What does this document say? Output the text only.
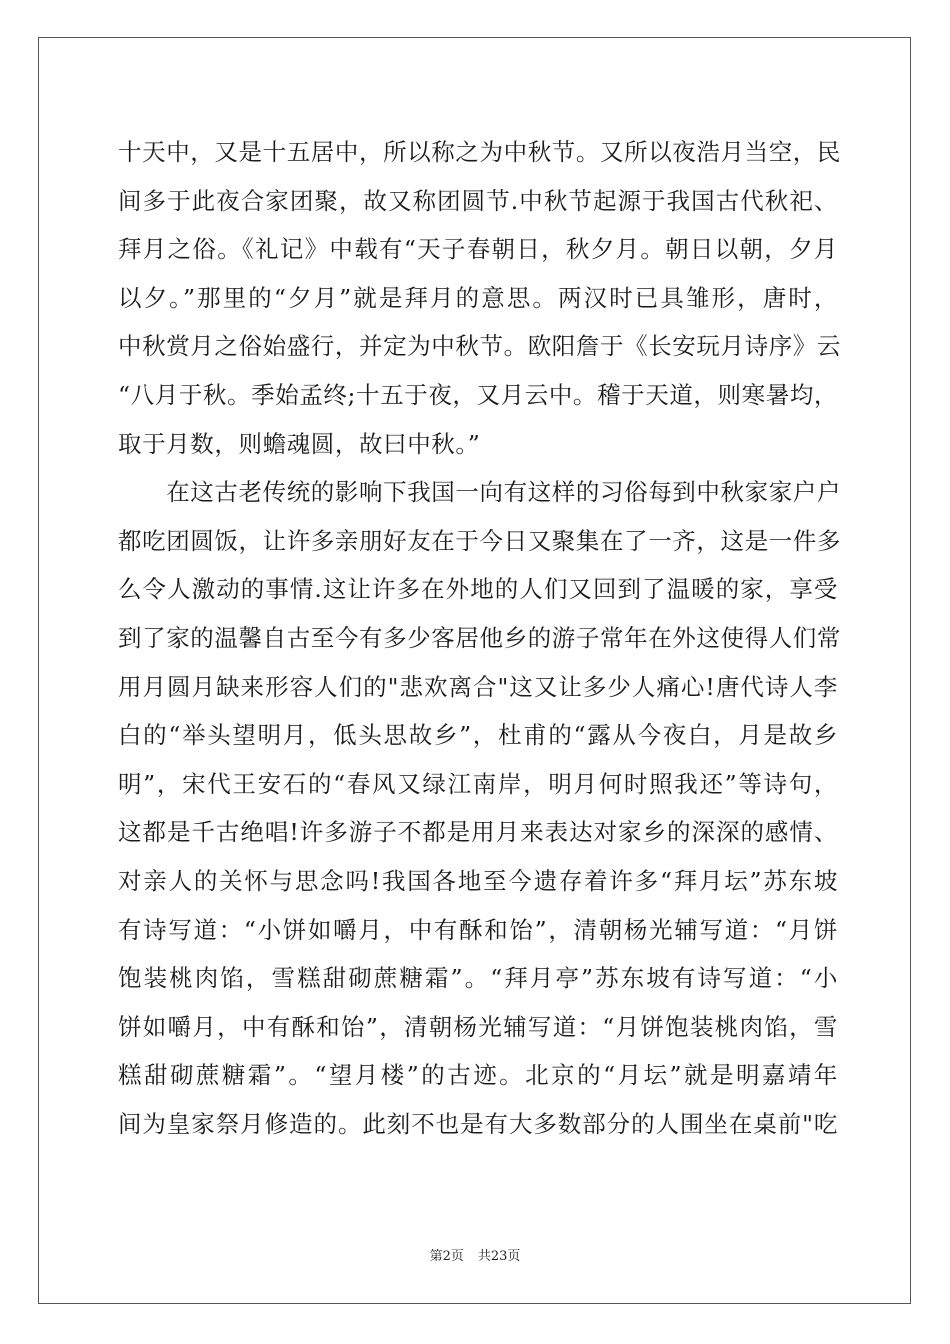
十天中，又是十五居中，所以称之为中秋节。又所以夜浩月当空，民
间多于此夜合家团聚，故又称团圆节.中秋节起源于我国古代秋祀、
拜月之俗。《礼记》中载有“天子春朝日，秋夕月。朝日以朝，夕月
以夕。”那里的“夕月”就是拜月的意思。两汉时已具雏形，唐时，
中秋赏月之俗始盛行，并定为中秋节。欧阳詹于《长安玩月诗序》云
“八月于秋。季始孟终;十五于夜，又月云中。稽于天道，则寒暑均，
取于月数，则蟾魂圆，故曰中秋。”
　　在这古老传统的影响下我国一向有这样的习俗每到中秋家家户户
都吃团圆饭，让许多亲朋好友在于今日又聚集在了一齐，这是一件多
么令人激动的事情.这让许多在外地的人们又回到了温暖的家，享受
到了家的温馨自古至今有多少客居他乡的游子常年在外这使得人们常
用月圆月缺来形容人们的"悲欢离合"这又让多少人痛心!唐代诗人李
白的“举头望明月，低头思故乡”，杜甫的“露从今夜白，月是故乡
明”，宋代王安石的“春风又绿江南岸，明月何时照我还”等诗句，
这都是千古绝唱!许多游子不都是用月来表达对家乡的深深的感情、
对亲人的关怀与思念吗!我国各地至今遗存着许多“拜月坛”苏东坡
有诗写道：“小饼如嚼月，中有酥和饴”，清朝杨光辅写道：“月饼
饱装桃肉馅，雪糕甜砌蔗糖霜”。“拜月亭”苏东坡有诗写道：“小
饼如嚼月，中有酥和饴”，清朝杨光辅写道：“月饼饱装桃肉馅，雪
糕甜砌蔗糖霜”。“望月楼”的古迹。北京的“月坛”就是明嘉靖年
间为皇家祭月修造的。此刻不也是有大多数部分的人围坐在桌前"吃
第2页 共23页
